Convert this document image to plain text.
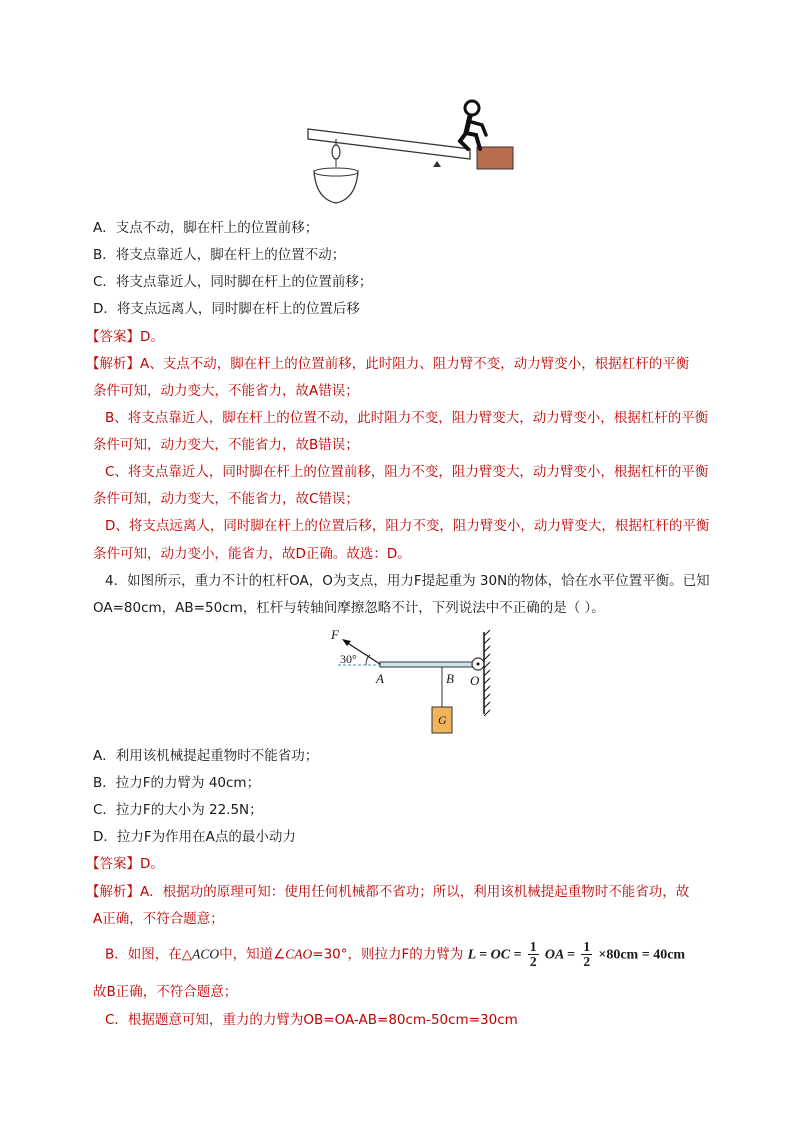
A．支点不动，脚在杆上的位置前移；
B．将支点靠近人，脚在杆上的位置不动；
C．将支点靠近人，同时脚在杆上的位置前移；
D．将支点远离人，同时脚在杆上的位置后移
【答案】D。
【解析】A、支点不动，脚在杆上的位置前移，此时阻力、阻力臂不变，动力臂变小，根据杠杆的平衡
条件可知，动力变大，不能省力，故A错误；
B、将支点靠近人，脚在杆上的位置不动，此时阻力不变，阻力臂变大，动力臂变小，根据杠杆的平衡
条件可知，动力变大，不能省力，故B错误；
C、将支点靠近人，同时脚在杆上的位置前移，阻力不变，阻力臂变大，动力臂变小，根据杠杆的平衡
条件可知，动力变大，不能省力，故C错误；
D、将支点远离人，同时脚在杆上的位置后移，阻力不变，阻力臂变小，动力臂变大，根据杠杆的平衡
条件可知，动力变小，能省力，故D正确。故选：D。
4．如图所示，重力不计的杠杆OA，O为支点，用力F提起重为 30N的物体，恰在水平位置平衡。已知
OA=80cm，AB=50cm，杠杆与转轴间摩擦忽略不计，下列说法中不正确的是（ ）。
F
30°
A	B O
G
A．利用该机械提起重物时不能省功；
B．拉力F的力臂为 40cm；
C．拉力F的大小为 22.5N；
D．拉力F为作用在A点的最小动力
【答案】D。
【解析】A．根据功的原理可知：使用任何机械都不省功；所以，利用该机械提起重物时不能省功，故
A正确，不符合题意；
B．如图，在△ACO中，知道∠CAO=30°，则拉力F的力臂为 L = OC = $\frac{1}{2}$ OA = $\frac{1}{2} \times 80cm = 40cm$
故B正确，不符合题意；
C．根据题意可知，重力的力臂为OB=OA-AB=80cm-50cm=30cm
